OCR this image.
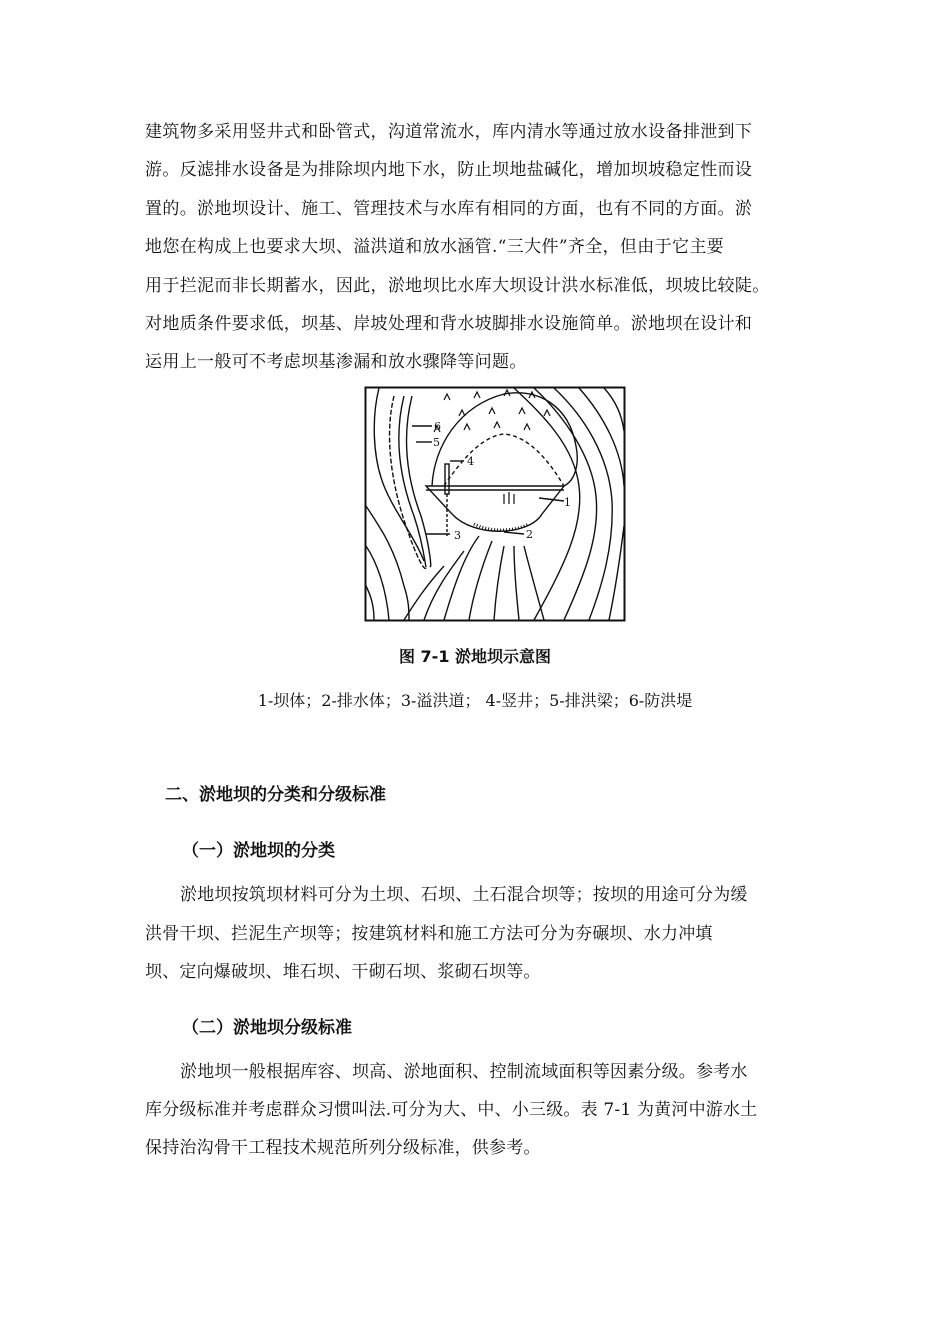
建筑物多采用竖井式和卧管式，沟道常流水，库内清水等通过放水设备排泄到下
游。反滤排水设备是为排除坝内地下水，防止坝地盐碱化，增加坝坡稳定性而设
置的。淤地坝设计、施工、管理技术与水库有相同的方面，也有不同的方面。淤
地您在构成上也要求大坝、溢洪道和放水涵管.“三大件”齐全，但由于它主要
用于拦泥而非长期蓄水，因此，淤地坝比水库大坝设计洪水标准低，坝坡比较陡。
对地质条件要求低，坝基、岸坡处理和背水坡脚排水设施简单。淤地坝在设计和
运用上一般可不考虑坝基渗漏和放水骤降等问题。
1
2
3
4
5
6
图 7-1 淤地坝示意图
1-坝体；2-排水体；3-溢洪道； 4-竖井；5-排洪梁；6-防洪堤
二、淤地坝的分类和分级标准
（一）淤地坝的分类
淤地坝按筑坝材料可分为土坝、石坝、土石混合坝等；按坝的用途可分为缓
洪骨干坝、拦泥生产坝等；按建筑材料和施工方法可分为夯碾坝、水力冲填
坝、定向爆破坝、堆石坝、干砌石坝、浆砌石坝等。
（二）淤地坝分级标准
淤地坝一般根据库容、坝高、淤地面积、控制流域面积等因素分级。参考水
库分级标准并考虑群众习惯叫法.可分为大、中、小三级。表 7-1 为黄河中游水土
保持治沟骨干工程技术规范所列分级标准，供参考。
